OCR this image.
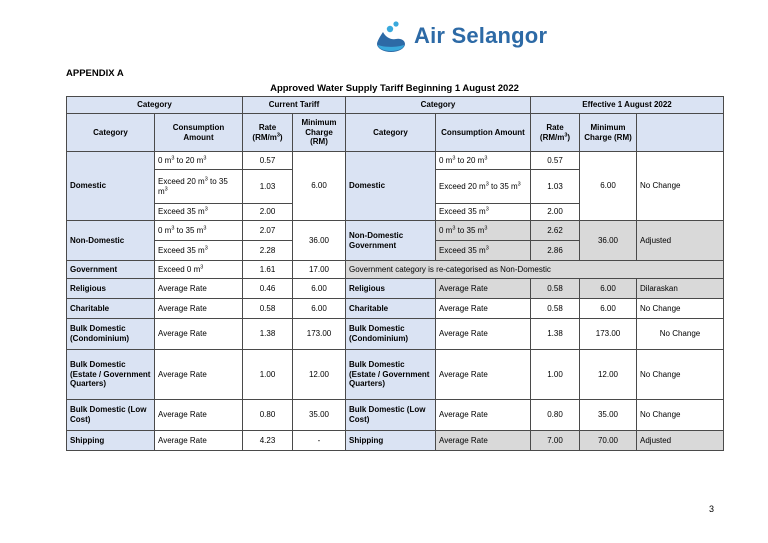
Air Selangor
APPENDIX A
Approved Water Supply Tariff Beginning 1 August 2022
Category		Current Tariff		Category		Effective 1 August 2022		
Category	Consumption Amount	Rate $(RM/m^3)$	Minimum Charge (RM)	Category	Consumption Amount	Rate $(RM/m^3)$	Minimum Charge (RM)	
Domestic	0 $m^3$ to 20 $m^3$	0.57	6.00	Domestic	0 $m^3$ to 20 $m^3$	0.57	6.00	No Change
	Exceed 20 $m^3$ to 35 $m^3$	1.03			Exceed 20 $m^3$ to 35 $m^3$	1.03		
	Exceed 35 $m^3$	2.00			Exceed 35 $m^3$	2.00		
Non-Domestic	0 $m^3$ to 35 $m^3$	2.07	36.00	Non-Domestic Government	0 $m^3$ to 35 $m^3$	2.62	36.00	Adjusted
	Exceed 35 $m^3$	2.28			Exceed 35 $m^3$	2.86		
Government	Exceed 0 $m^3$	1.61	17.00	Government category is re-categorised as Non-Domestic				
Religious	Average Rate	0.46	6.00	Religious	Average Rate	0.58	6.00	Dilaraskan
Charitable	Average Rate	0.58	6.00	Charitable	Average Rate	0.58	6.00	No Change
Bulk Domestic (Condominium)	Average Rate	1.38	173.00	Bulk Domestic (Condominium)	Average Rate	1.38	173.00	No Change
Bulk Domestic (Estate / Government Quarters)	Average Rate	1.00	12.00	Bulk Domestic (Estate / Government Quarters)	Average Rate	1.00	12.00	No Change
Bulk Domestic (Low Cost)	Average Rate	0.80	35.00	Bulk Domestic (Low Cost)	Average Rate	0.80	35.00	No Change
Shipping	Average Rate	4.23	-	Shipping	Average Rate	7.00	70.00	Adjusted
3
